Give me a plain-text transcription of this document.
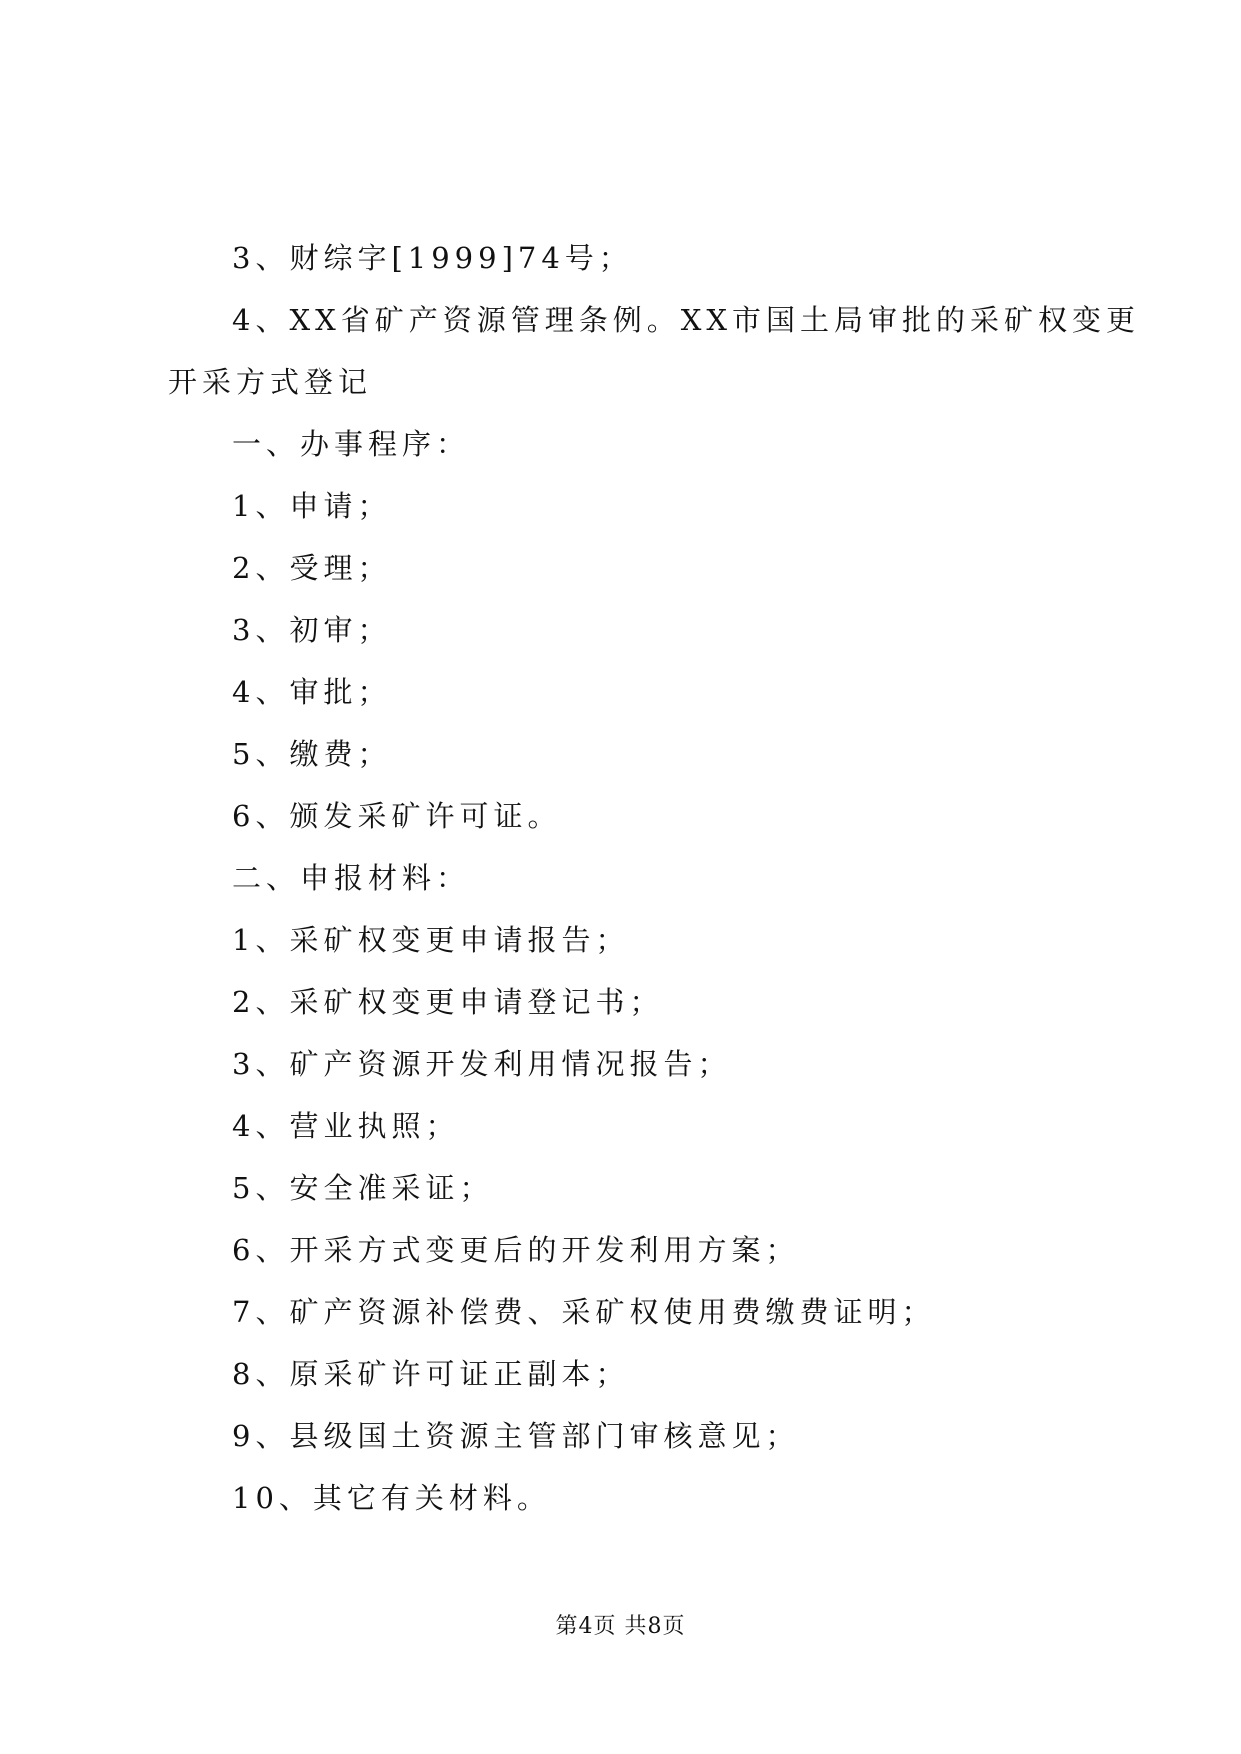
3、财综字[1999]74号；
4、XX省矿产资源管理条例。XX市国土局审批的采矿权变更
开采方式登记
一、办事程序：
1、申请；
2、受理；
3、初审；
4、审批；
5、缴费；
6、颁发采矿许可证。
二、申报材料：
1、采矿权变更申请报告；
2、采矿权变更申请登记书；
3、矿产资源开发利用情况报告；
4、营业执照；
5、安全准采证；
6、开采方式变更后的开发利用方案；
7、矿产资源补偿费、采矿权使用费缴费证明；
8、原采矿许可证正副本；
9、县级国土资源主管部门审核意见；
10、其它有关材料。
第4页 共8页
